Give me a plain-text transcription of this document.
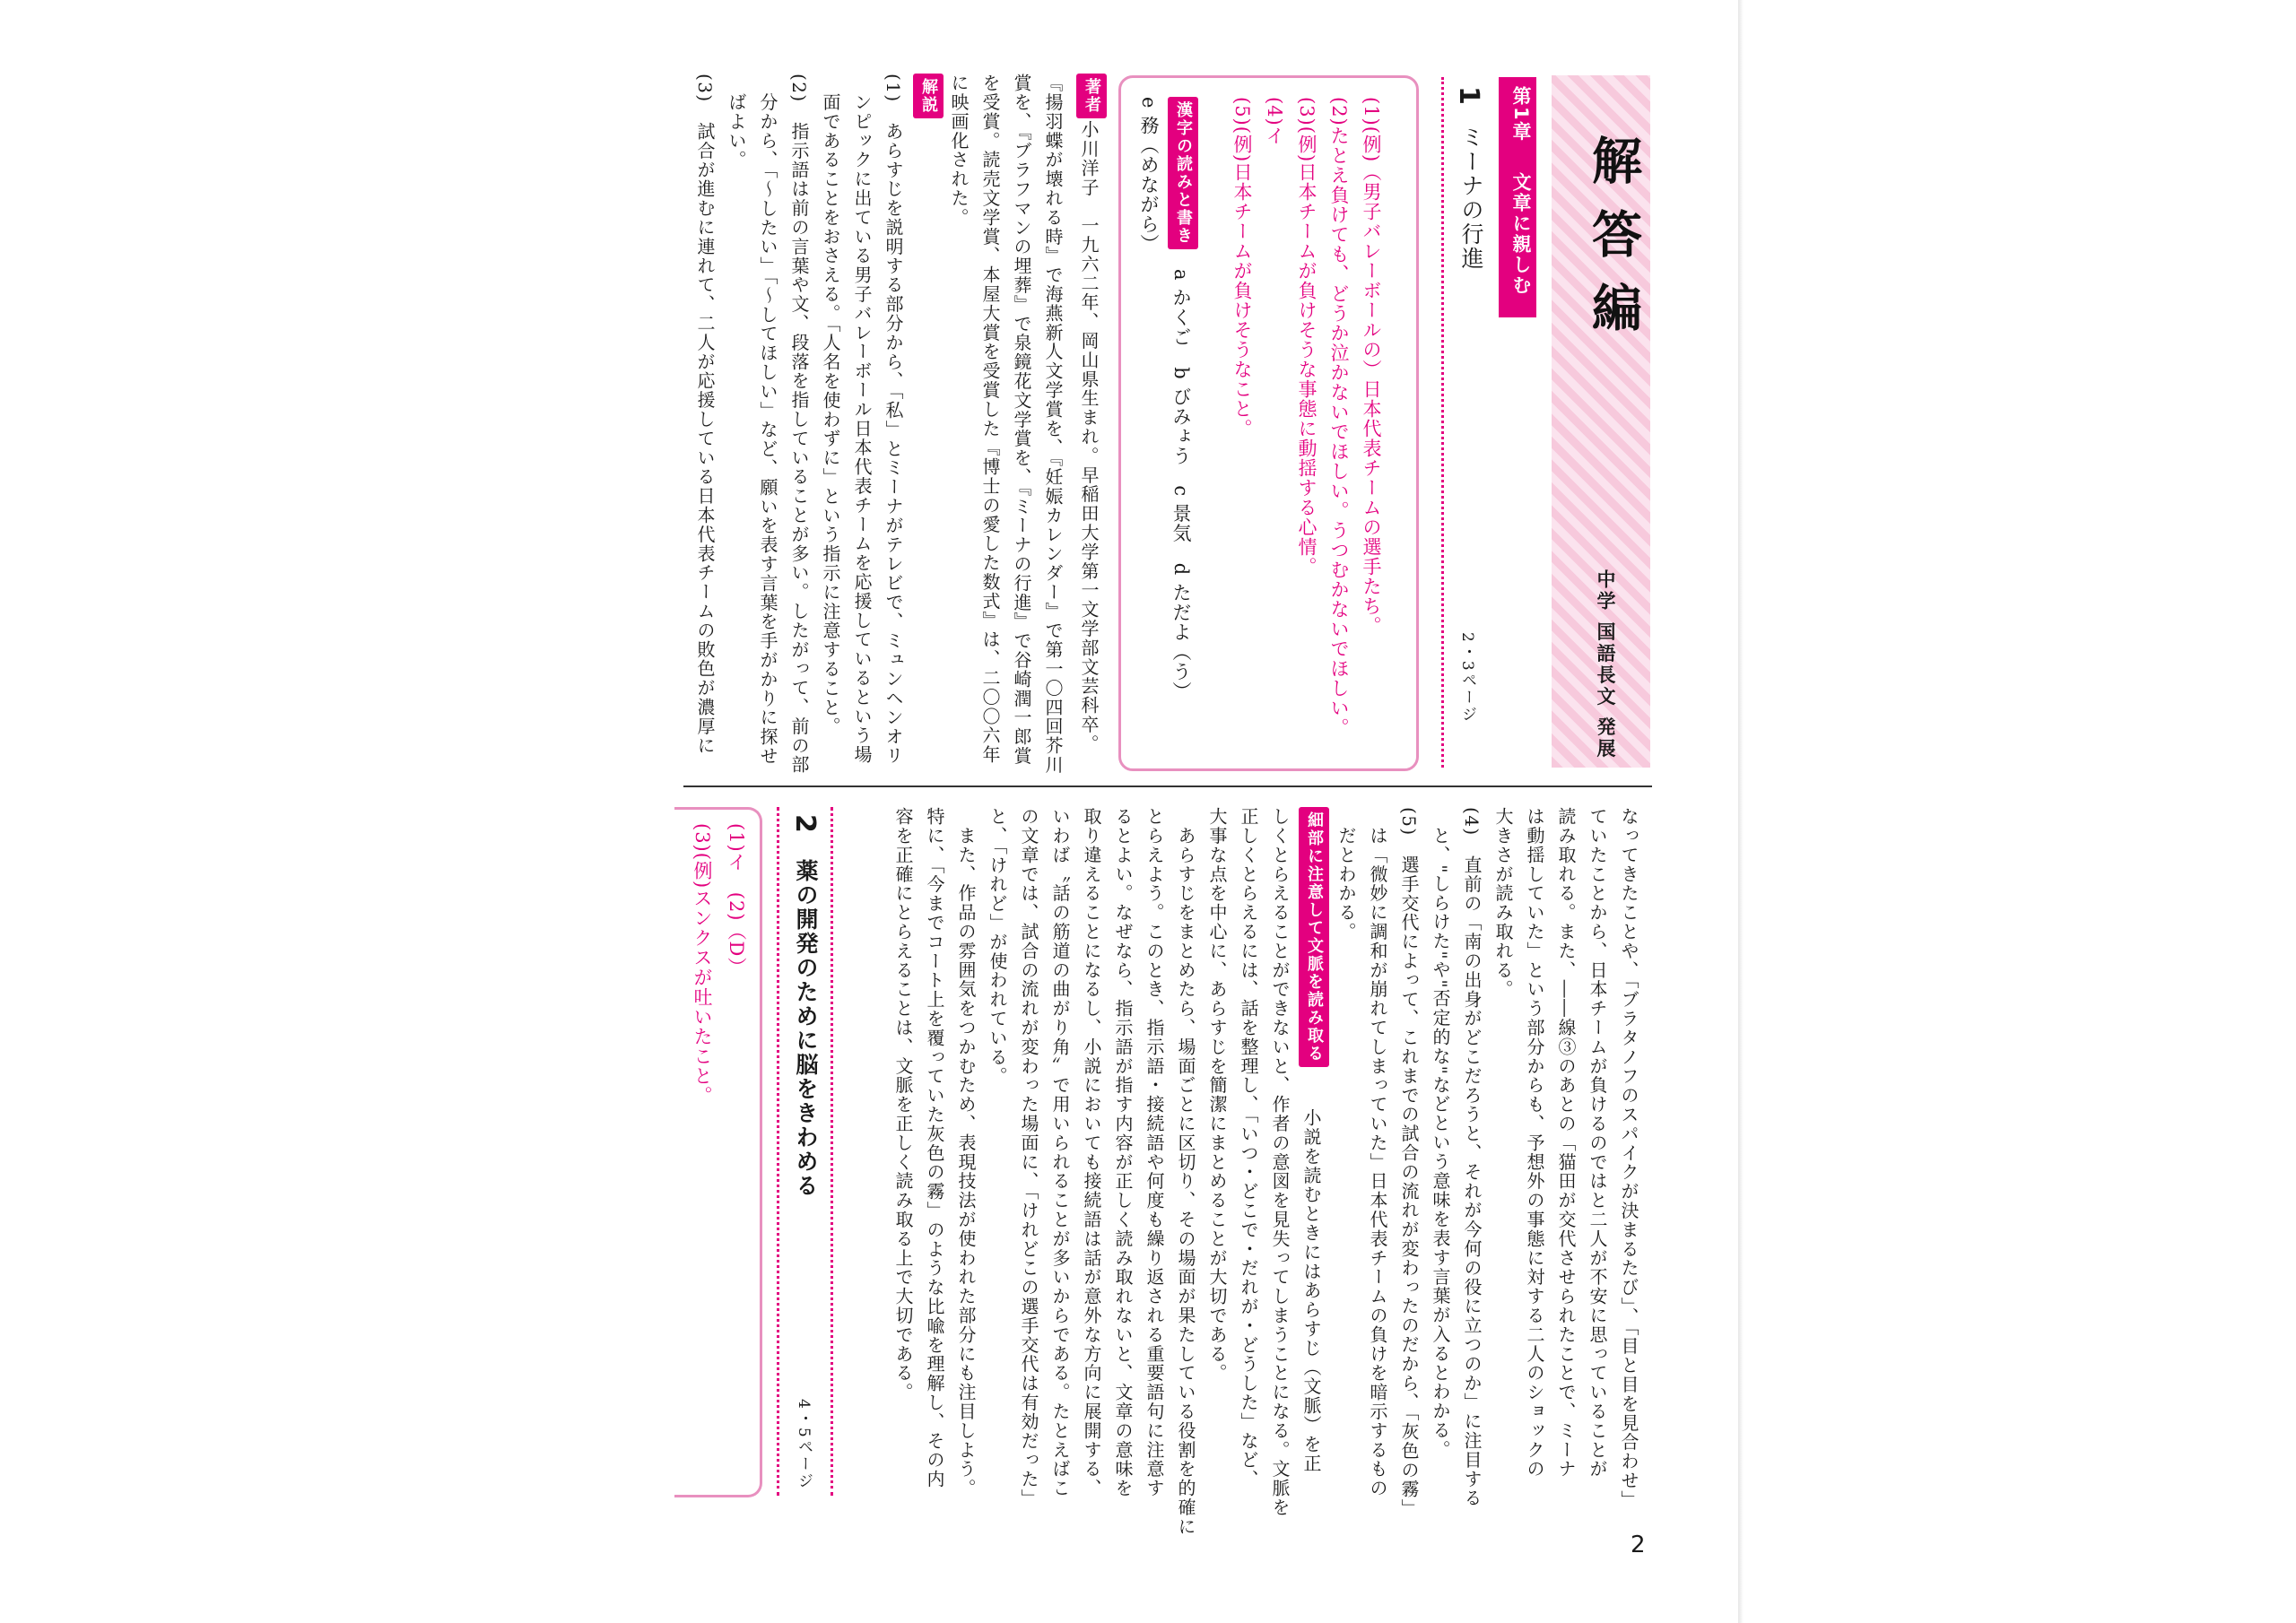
解答編
中学 国語長文 発展
第1章
文章に親しむ
1
ミーナの行進
2・3ページ
(1)(例)（男子バレーボールの）日本代表チームの選手たち。
(2)たとえ負けても、どうか泣かないでほしい。うつむかないでほしい。
(3)(例)日本チームが負けそうな事態に動揺する心情。
(4)イ
(5)(例)日本チームが負けそうなこと。
漢字の読みと書き
a かくご　b びみょう　c 景気　d ただよ（う）
e 務（めながら）
著者
小川洋子　一九六二年、岡山県生まれ。早稲田大学第一文学部文芸科卒。
『揚羽蝶が壊れる時』で海燕新人文学賞を、『妊娠カレンダー』で第一〇四回芥川
賞を、『ブラフマンの埋葬』で泉鏡花文学賞を、『ミーナの行進』で谷崎潤一郎賞
を受賞。読売文学賞、本屋大賞を受賞した『博士の愛した数式』は、二〇〇六年
に映画化された。
解説
(1)　あらすじを説明する部分から、「私」とミーナがテレビで、ミュンヘンオリ
　ンピックに出ている男子バレーボール日本代表チームを応援しているという場
　面であることをおさえる。「人名を使わずに」という指示に注意すること。
(2)　指示語は前の言葉や文、段落を指していることが多い。したがって、前の部
　分から、「〜したい」「〜してほしい」など、願いを表す言葉を手がかりに探せ
　ばよい。
(3)　試合が進むに連れて、二人が応援している日本代表チームの敗色が濃厚に
なってきたことや、「ブラタノフのスパイクが決まるたび」、「目と目を見合わせ」
ていたことから、日本チームが負けるのではと二人が不安に思っていることが
読み取れる。また、――線③のあとの「猫田が交代させられたことで、ミーナ
は動揺していた」という部分からも、予想外の事態に対する二人のショックの
大きさが読み取れる。
(4)　直前の「南の出身がどこだろうと、それが今何の役に立つのか」に注目する
　と、"しらけた"や"否定的な"などという意味を表す言葉が入るとわかる。
(5)　選手交代によって、これまでの試合の流れが変わったのだから、「灰色の霧」
　は「微妙に調和が崩れてしまっていた」日本代表チームの負けを暗示するもの
　だとわかる。
細部に注意して文脈を読み取る
小説を読むときにはあらすじ（文脈）を正
しくとらえることができないと、作者の意図を見失ってしまうことになる。文脈を
正しくとらえるには、話を整理し、「いつ・どこで・だれが・どうした」など、
大事な点を中心に、あらすじを簡潔にまとめることが大切である。
　あらすじをまとめたら、場面ごとに区切り、その場面が果たしている役割を的確に
とらえよう。このとき、指示語・接続語や何度も繰り返される重要語句に注意す
るとよい。なぜなら、指示語が指す内容が正しく読み取れないと、文章の意味を
取り違えることになるし、小説においても接続語は話が意外な方向に展開する、
いわば〝話の筋道の曲がり角〟で用いられることが多いからである。たとえばこ
の文章では、試合の流れが変わった場面に、「けれどこの選手交代は有効だった」
と、「けれど」が使われている。
　また、作品の雰囲気をつかむため、表現技法が使われた部分にも注目しよう。
特に、「今までコート上を覆っていた灰色の霧」のような比喩を理解し、その内
容を正確にとらえることは、文脈を正しく読み取る上で大切である。
2
薬の開発のために脳をきわめる
4・5ページ
(1)イ　(2)（D）
(3)(例)スンクスが吐いたこと。
2
